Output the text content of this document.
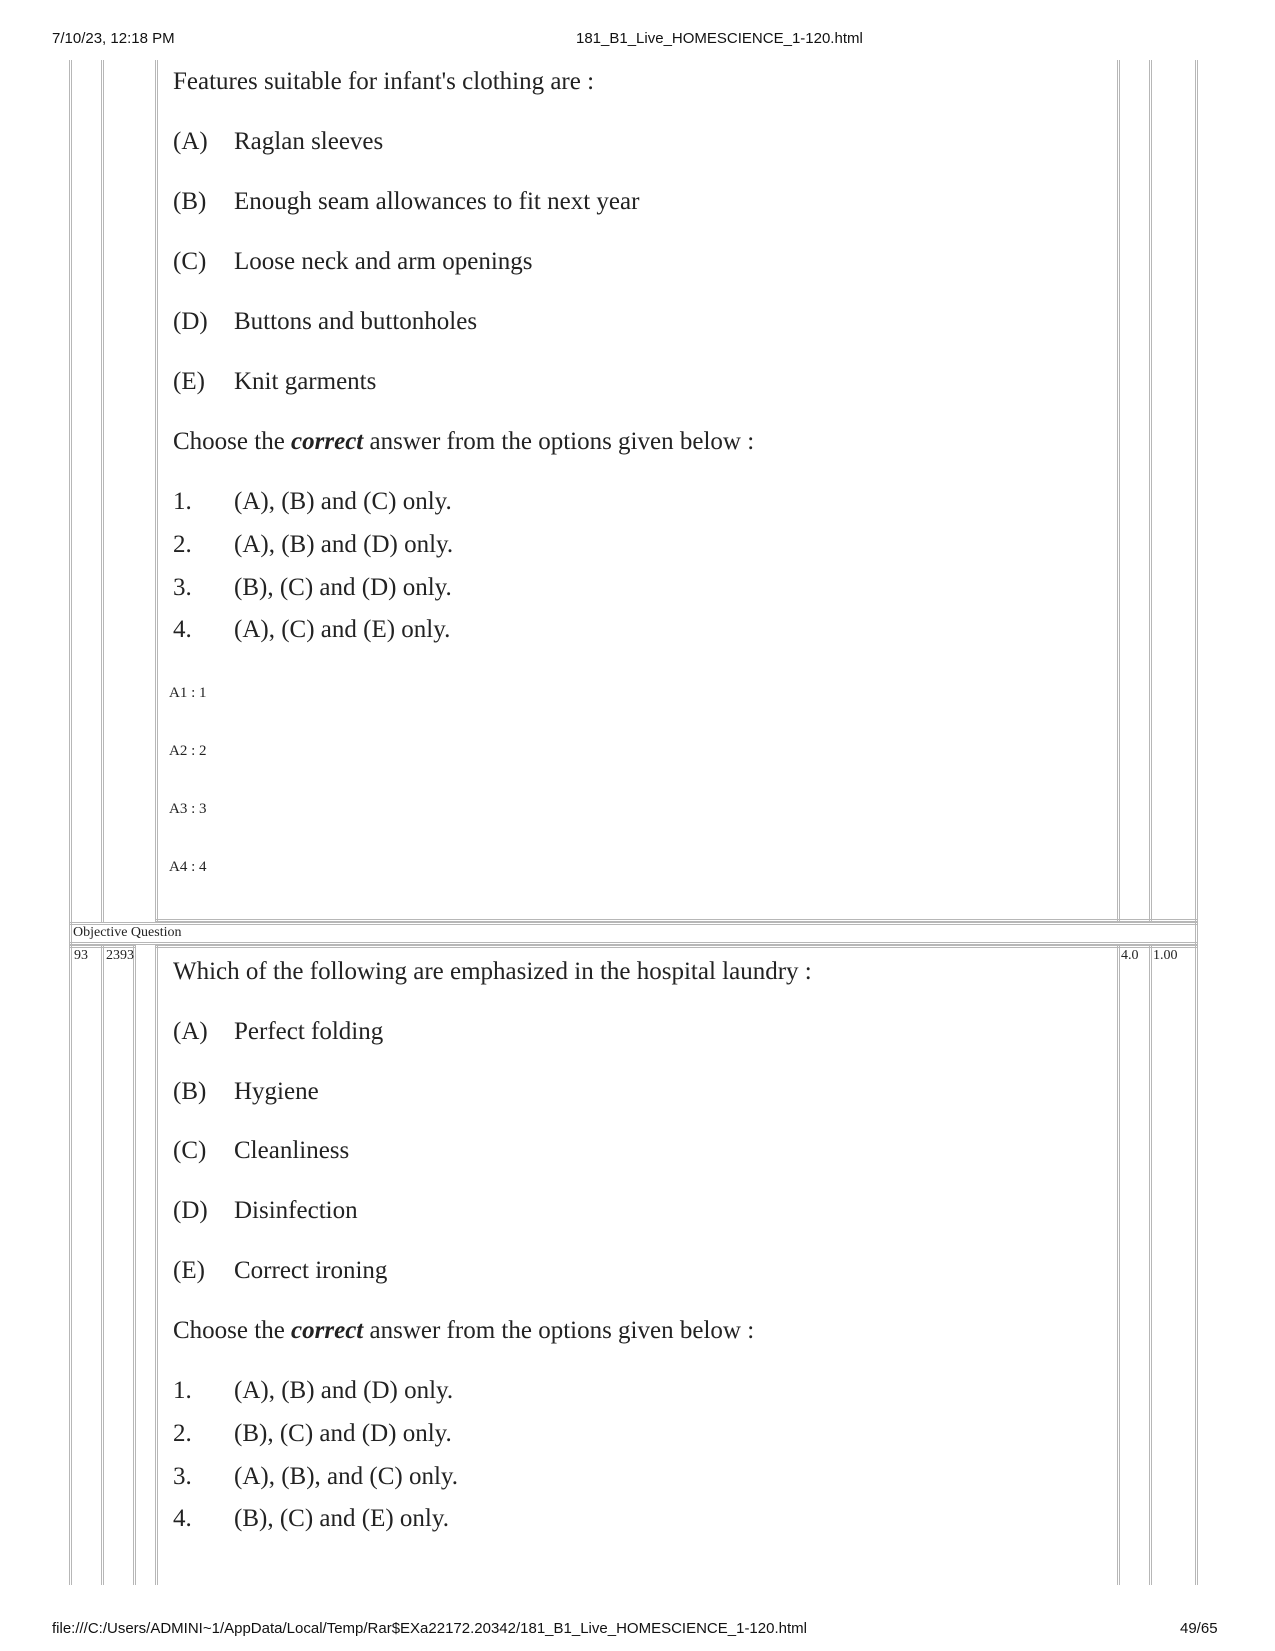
7/10/23, 12:18 PM	181_B1_Live_HOMESCIENCE_1-120.html
file:///C:/Users/ADMINI~1/AppData/Local/Temp/Rar$EXa22172.20342/181_B1_Live_HOMESCIENCE_1-120.html	49/65
Features suitable for infant's clothing are :
(A) Raglan sleeves
(B) Enough seam allowances to fit next year
(C) Loose neck and arm openings
(D) Buttons and buttonholes
(E) Knit garments
Choose the correct answer from the options given below :
1. (A), (B) and (C) only.
2. (A), (B) and (D) only.
3. (B), (C) and (D) only.
4. (A), (C) and (E) only.
A1 : 1
A2 : 2
A3 : 3
A4 : 4
Objective Question
93 2393	4.0 1.00
Which of the following are emphasized in the hospital laundry :
(A) Perfect folding
(B) Hygiene
(C) Cleanliness
(D) Disinfection
(E) Correct ironing
Choose the correct answer from the options given below :
1. (A), (B) and (D) only.
2. (B), (C) and (D) only.
3. (A), (B), and (C) only.
4. (B), (C) and (E) only.
